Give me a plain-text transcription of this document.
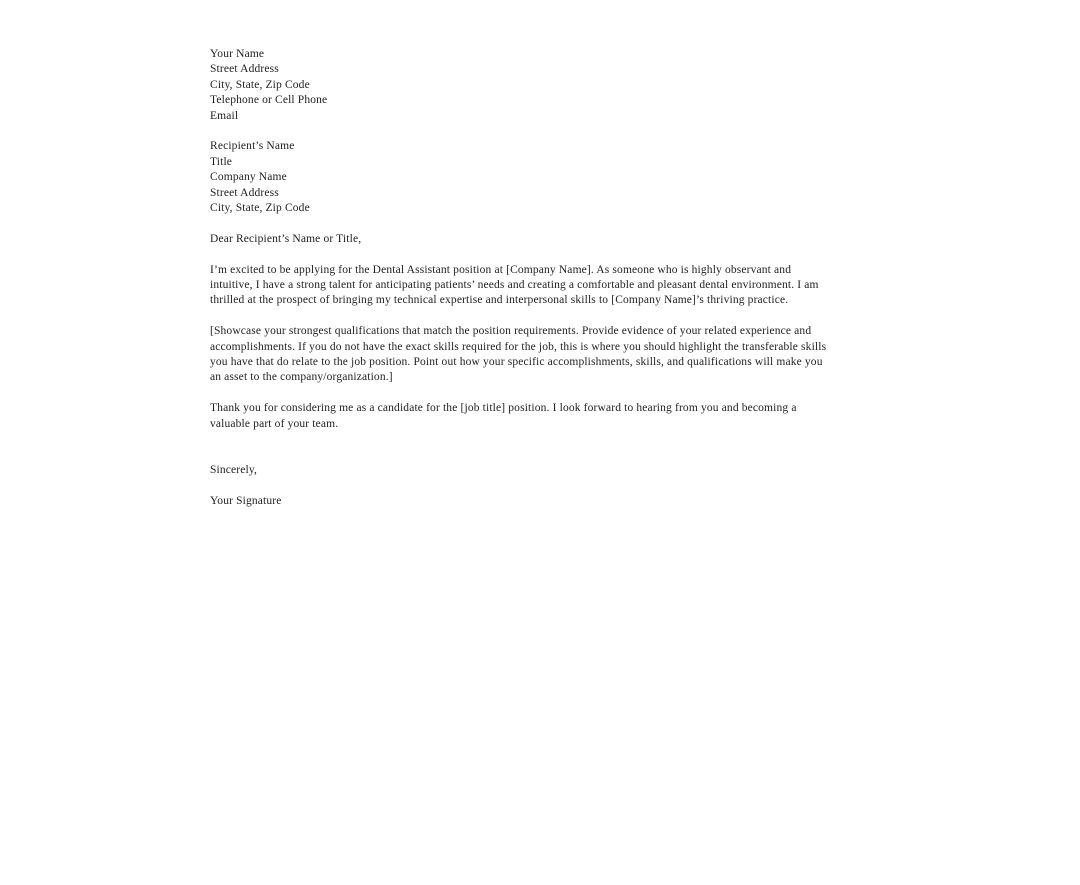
Your Name
Street Address
City, State, Zip Code
Telephone or Cell Phone
Email
Recipient’s Name
Title
Company Name
Street Address
City, State, Zip Code

Dear Recipient’s Name or Title,

I’m excited to be applying for the Dental Assistant position at [Company Name]. As someone who is highly observant and intuitive, I have a strong talent for anticipating patients’ needs and creating a comfortable and pleasant dental environment. I am thrilled at the prospect of bringing my technical expertise and interpersonal skills to [Company Name]’s thriving practice.

[Showcase your strongest qualifications that match the position requirements. Provide evidence of your related experience and accomplishments. If you do not have the exact skills required for the job, this is where you should highlight the transferable skills you have that do relate to the job position. Point out how your specific accomplishments, skills, and qualifications will make you an asset to the company/organization.]

Thank you for considering me as a candidate for the [job title] position. I look forward to hearing from you and becoming a valuable part of your team.

Sincerely,

Your Signature
